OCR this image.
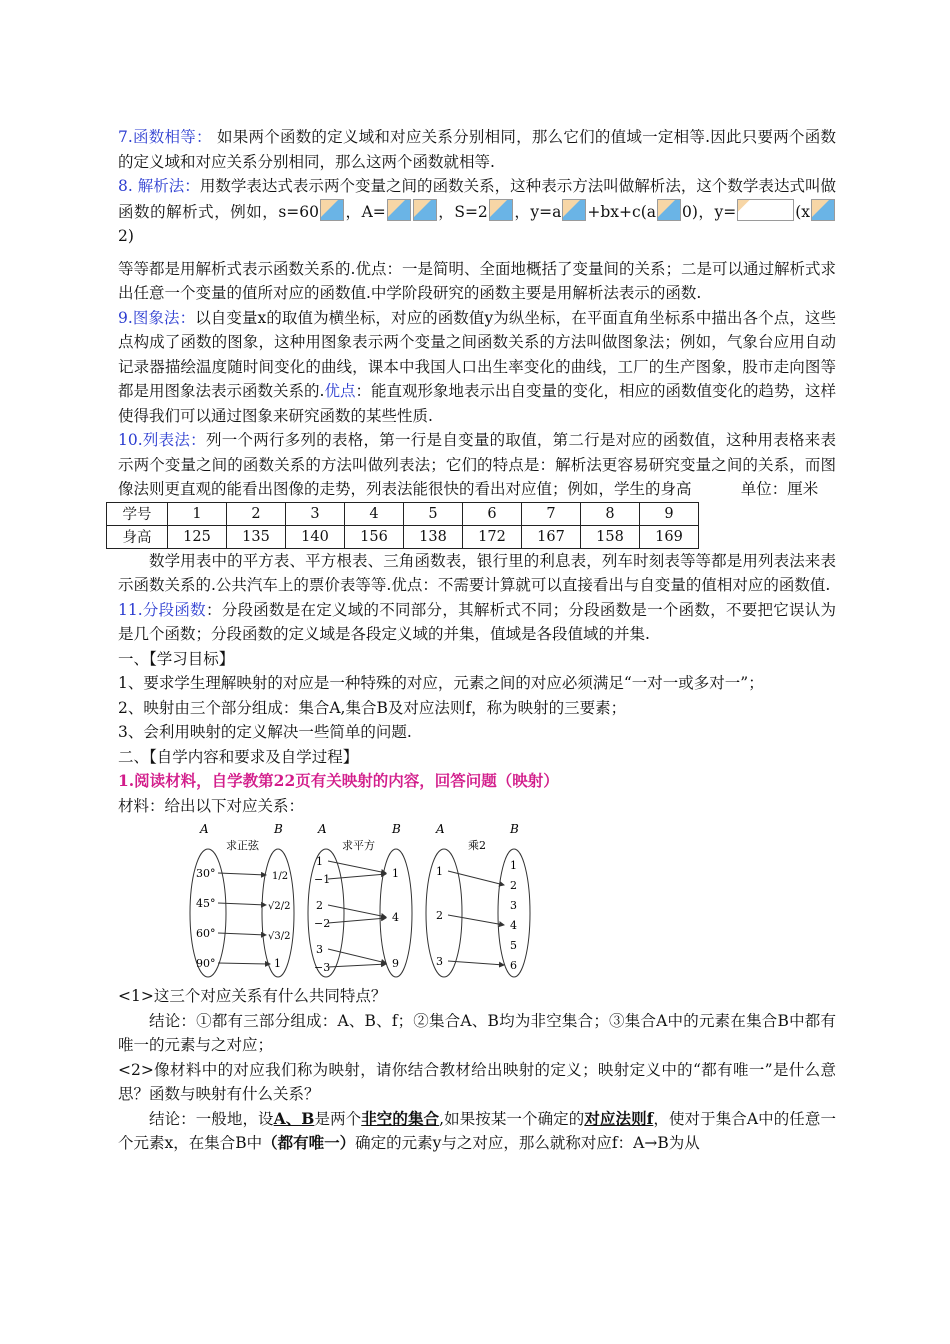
7.函数相等： 如果两个函数的定义域和对应关系分别相同，那么它们的值域一定相等.因此只要两个函数的定义域和对应关系分别相同，那么这两个函数就相等.

8. 解析法：用数学表达式表示两个变量之间的函数关系，这种表示方法叫做解析法，这个数学表达式叫做函数的解析式，例如，s=60 ，A=	，S=2 ，y=a +bx+c(a 0)，y=	(x2)

等等都是用解析式表示函数关系的.优点：一是简明、全面地概括了变量间的关系；二是可以通过解析式求出任意一个变量的值所对应的函数值.中学阶段研究的函数主要是用解析法表示的函数.

9.图象法：以自变量x的取值为横坐标，对应的函数值y为纵坐标，在平面直角坐标系中描出各个点，这些点构成了函数的图象，这种用图象表示两个变量之间函数关系的方法叫做图象法；例如，气象台应用自动记录器描绘温度随时间变化的曲线，课本中我国人口出生率变化的曲线，工厂的生产图象，股市走向图等都是用图象法表示函数关系的.优点：能直观形象地表示出自变量的变化，相应的函数值变化的趋势，这样使得我们可以通过图象来研究函数的某些性质.

10.列表法：列一个两行多列的表格，第一行是自变量的取值，第二行是对应的函数值，这种用表格来表示两个变量之间的函数关系的方法叫做列表法；它们的特点是：解析法更容易研究变量之间的关系，而图像法则更直观的能看出图像的走势，列表法能很快的看出对应值；例如，学生的身高	单位：厘米

学号	1	2	3	4	5	6	7	8	9
身高	125	135	140	156	138	172	167	158	169

数学用表中的平方表、平方根表、三角函数表，银行里的利息表，列车时刻表等等都是用列表法来表示函数关系的.公共汽车上的票价表等等.优点：不需要计算就可以直接看出与自变量的值相对应的函数值.

11.分段函数：分段函数是在定义域的不同部分，其解析式不同；分段函数是一个函数，不要把它误认为是几个函数；分段函数的定义域是各段定义域的并集，值域是各段值域的并集.

一、【学习目标】

1、要求学生理解映射的对应是一种特殊的对应，元素之间的对应必须满足“一对一或多对一”；

2、映射由三个部分组成：集合A,集合B及对应法则f，称为映射的三要素；

3、会利用映射的定义解决一些简单的问题.

二、【自学内容和要求及自学过程】

1.阅读材料，自学教第22页有关映射的内容，回答问题（映射）

材料：给出以下对应关系：

A	B
求正弦
30°
45°
60°
90°
1/2
√2/2
√3/2
1
A	B
求平方
1
−1
2
−2
3
−3
1
4
9
A	B
乘2
1
2
3
1
2
3
4
5
6

<1>这三个对应关系有什么共同特点？

结论：①都有三部分组成：A、B、f；②集合A、B均为非空集合；③集合A中的元素在集合B中都有唯一的元素与之对应；

<2>像材料中的对应我们称为映射，请你结合教材给出映射的定义；映射定义中的“都有唯一”是什么意思？函数与映射有什么关系？

结论：一般地，设A、B是两个非空的集合,如果按某一个确定的对应法则f，使对于集合A中的任意一个元素x，在集合B中（都有唯一）确定的元素y与之对应，那么就称对应f：A→B为从
